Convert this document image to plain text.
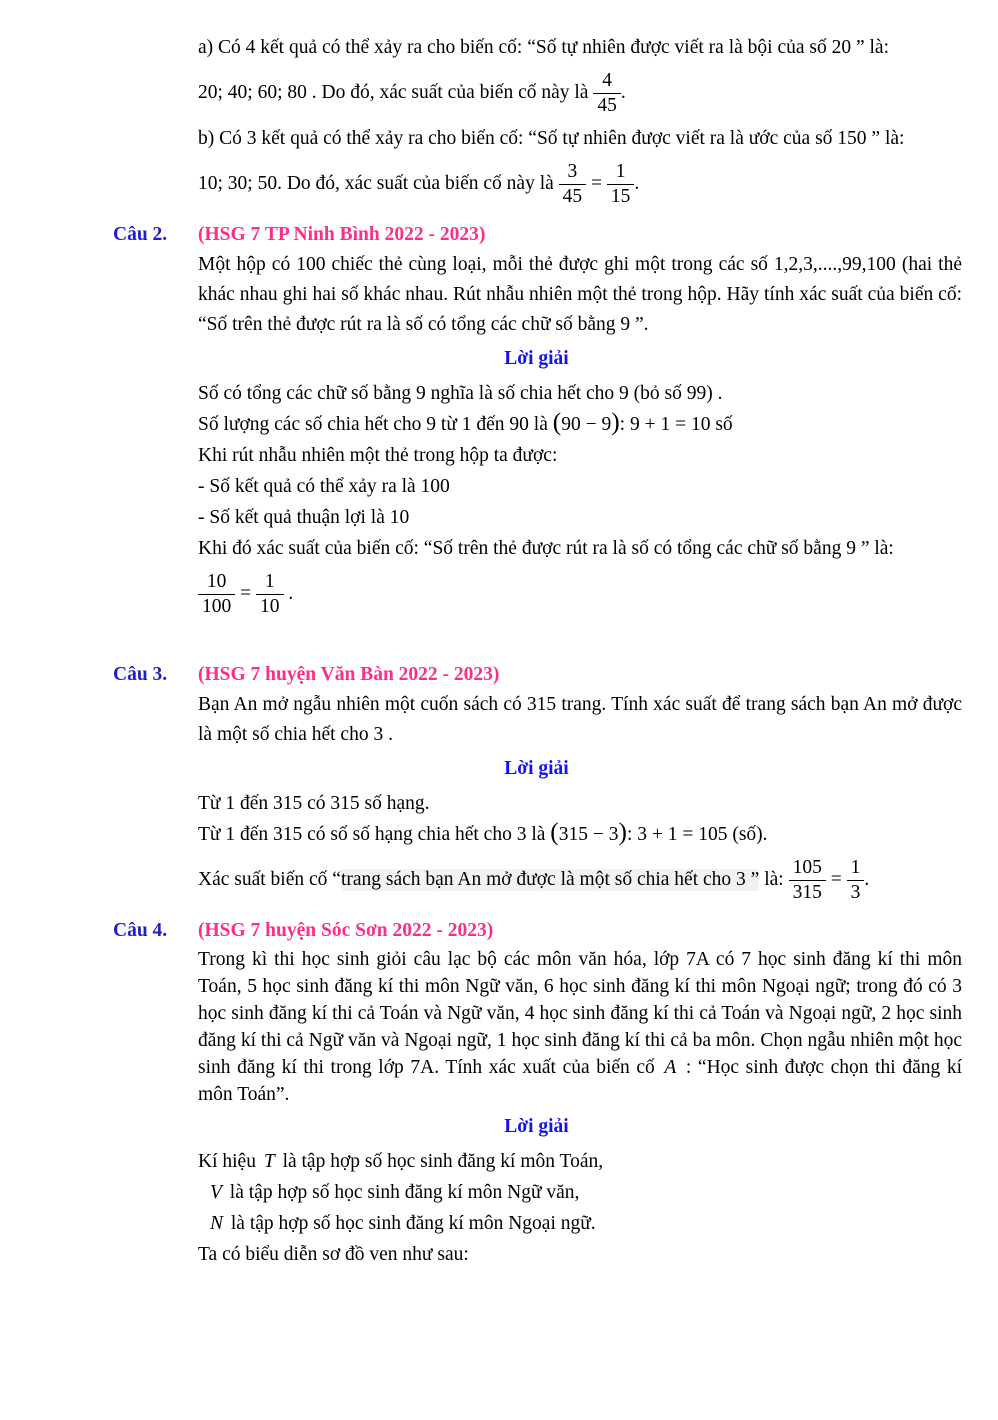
a) Có 4 kết quả có thể xảy ra cho biến cố: “Số tự nhiên được viết ra là bội của số 20 ” là:
20; 40; 60; 80 . Do đó, xác suất của biến cố này là $\frac{4}{45}$ .
b) Có 3 kết quả có thể xảy ra cho biến cố: “Số tự nhiên được viết ra là ước của số 150 ” là:
10; 30; 50. Do đó, xác suất của biến cố này là $\frac{3}{45} = \frac{1}{15}$ .
Câu 2.	(HSG 7 TP Ninh Bình 2022 - 2023)
Một hộp có 100 chiếc thẻ cùng loại, mỗi thẻ được ghi một trong các số 1,2,3,....,99,100 (hai thẻ khác nhau ghi hai số khác nhau. Rút nhẫu nhiên một thẻ trong hộp. Hãy tính xác suất của biến cố: “Số trên thẻ được rút ra là số có tổng các chữ số bằng 9 ”.
Lời giải
Số có tổng các chữ số bằng 9 nghĩa là số chia hết cho 9 (bỏ số 99) .
Số lượng các số chia hết cho 9 từ 1 đến 90 là (90 − 9): 9 + 1 = 10 số
Khi rút nhẫu nhiên một thẻ trong hộp ta được:
- Số kết quả có thể xảy ra là 100
- Số kết quả thuận lợi là 10
Khi đó xác suất của biến cố: “Số trên thẻ được rút ra là số có tổng các chữ số bằng 9 ” là:
$\frac{10}{100} = \frac{1}{10}$ .
Câu 3.	(HSG 7 huyện Văn Bàn 2022 - 2023)
Bạn An mở ngẫu nhiên một cuốn sách có 315 trang. Tính xác suất để trang sách bạn An mở được là một số chia hết cho 3 .
Lời giải
Từ 1 đến 315 có 315 số hạng.
Từ 1 đến 315 có số số hạng chia hết cho 3 là (315 − 3): 3 + 1 = 105 (số).
Xác suất biến cố “ trang sách bạn An mở được là một số chia hết cho 3 ” là: $\frac{105}{315} = \frac{1}{3}$ .
Câu 4.	(HSG 7 huyện Sóc Sơn 2022 - 2023)
Trong kì thi học sinh giỏi câu lạc bộ các môn văn hóa, lớp 7A có 7 học sinh đăng kí thi môn Toán, 5 học sinh đăng kí thi môn Ngữ văn, 6 học sinh đăng kí thi môn Ngoại ngữ; trong đó có 3 học sinh đăng kí thi cả Toán và Ngữ văn, 4 học sinh đăng kí thi cả Toán và Ngoại ngữ, 2 học sinh đăng kí thi cả Ngữ văn và Ngoại ngữ, 1 học sinh đăng kí thi cả ba môn. Chọn ngẫu nhiên một học sinh đăng kí thi trong lớp 7A. Tính xác xuất của biến cố A : “Học sinh được chọn thi đăng kí môn Toán”.
Lời giải
Kí hiệu T là tập hợp số học sinh đăng kí môn Toán,
V là tập hợp số học sinh đăng kí môn Ngữ văn,
N là tập hợp số học sinh đăng kí môn Ngoại ngữ.
Ta có biểu diễn sơ đồ ven như sau:
